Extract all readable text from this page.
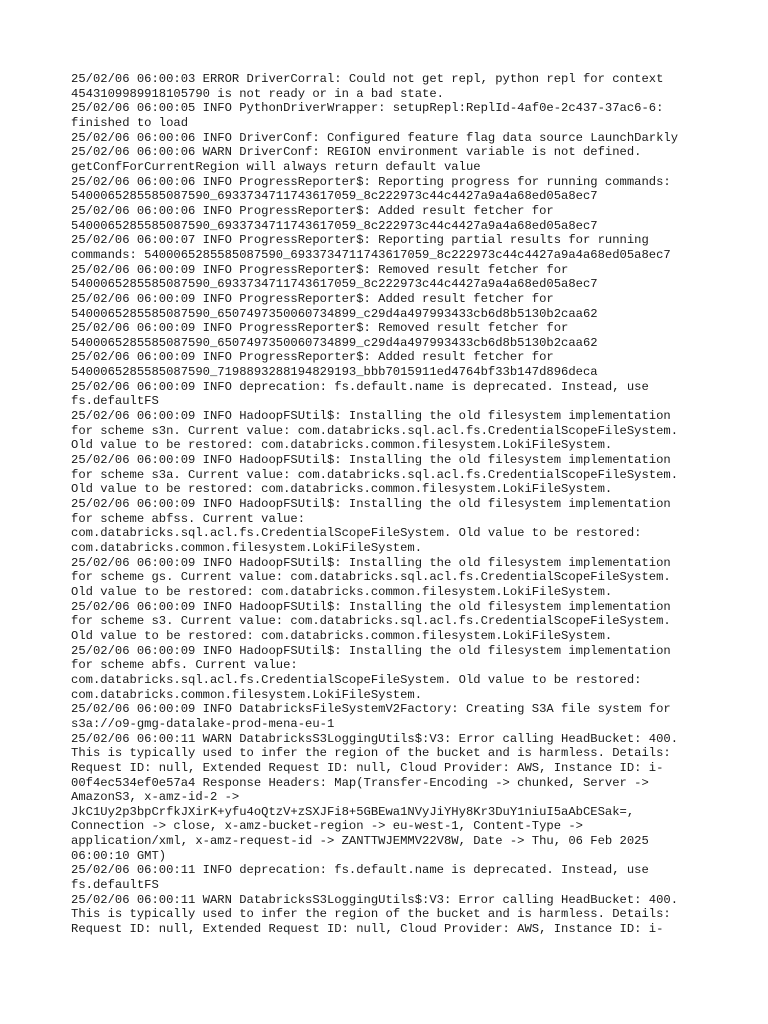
25/02/06 06:00:03 ERROR DriverCorral: Could not get repl, python repl for context

4543109989918105790 is not ready or in a bad state.

25/02/06 06:00:05 INFO PythonDriverWrapper: setupRepl:ReplId-4af0e-2c437-37ac6-6:

finished to load

25/02/06 06:00:06 INFO DriverConf: Configured feature flag data source LaunchDarkly

25/02/06 06:00:06 WARN DriverConf: REGION environment variable is not defined.

getConfForCurrentRegion will always return default value

25/02/06 06:00:06 INFO ProgressReporter$: Reporting progress for running commands:

5400065285585087590_6933734711743617059_8c222973c44c4427a9a4a68ed05a8ec7

25/02/06 06:00:06 INFO ProgressReporter$: Added result fetcher for

5400065285585087590_6933734711743617059_8c222973c44c4427a9a4a68ed05a8ec7

25/02/06 06:00:07 INFO ProgressReporter$: Reporting partial results for running

commands: 5400065285585087590_6933734711743617059_8c222973c44c4427a9a4a68ed05a8ec7

25/02/06 06:00:09 INFO ProgressReporter$: Removed result fetcher for

5400065285585087590_6933734711743617059_8c222973c44c4427a9a4a68ed05a8ec7

25/02/06 06:00:09 INFO ProgressReporter$: Added result fetcher for

5400065285585087590_6507497350060734899_c29d4a497993433cb6d8b5130b2caa62

25/02/06 06:00:09 INFO ProgressReporter$: Removed result fetcher for

5400065285585087590_6507497350060734899_c29d4a497993433cb6d8b5130b2caa62

25/02/06 06:00:09 INFO ProgressReporter$: Added result fetcher for

5400065285585087590_7198893288194829193_bbb7015911ed4764bf33b147d896deca

25/02/06 06:00:09 INFO deprecation: fs.default.name is deprecated. Instead, use

fs.defaultFS

25/02/06 06:00:09 INFO HadoopFSUtil$: Installing the old filesystem implementation

for scheme s3n. Current value: com.databricks.sql.acl.fs.CredentialScopeFileSystem.

Old value to be restored: com.databricks.common.filesystem.LokiFileSystem.

25/02/06 06:00:09 INFO HadoopFSUtil$: Installing the old filesystem implementation

for scheme s3a. Current value: com.databricks.sql.acl.fs.CredentialScopeFileSystem.

Old value to be restored: com.databricks.common.filesystem.LokiFileSystem.

25/02/06 06:00:09 INFO HadoopFSUtil$: Installing the old filesystem implementation

for scheme abfss. Current value:

com.databricks.sql.acl.fs.CredentialScopeFileSystem. Old value to be restored:

com.databricks.common.filesystem.LokiFileSystem.

25/02/06 06:00:09 INFO HadoopFSUtil$: Installing the old filesystem implementation

for scheme gs. Current value: com.databricks.sql.acl.fs.CredentialScopeFileSystem.

Old value to be restored: com.databricks.common.filesystem.LokiFileSystem.

25/02/06 06:00:09 INFO HadoopFSUtil$: Installing the old filesystem implementation

for scheme s3. Current value: com.databricks.sql.acl.fs.CredentialScopeFileSystem.

Old value to be restored: com.databricks.common.filesystem.LokiFileSystem.

25/02/06 06:00:09 INFO HadoopFSUtil$: Installing the old filesystem implementation

for scheme abfs. Current value:

com.databricks.sql.acl.fs.CredentialScopeFileSystem. Old value to be restored:

com.databricks.common.filesystem.LokiFileSystem.

25/02/06 06:00:09 INFO DatabricksFileSystemV2Factory: Creating S3A file system for

s3a://o9-gmg-datalake-prod-mena-eu-1

25/02/06 06:00:11 WARN DatabricksS3LoggingUtils$:V3: Error calling HeadBucket: 400.

This is typically used to infer the region of the bucket and is harmless. Details:

Request ID: null, Extended Request ID: null, Cloud Provider: AWS, Instance ID: i-

00f4ec534ef0e57a4 Response Headers: Map(Transfer-Encoding -> chunked, Server ->

AmazonS3, x-amz-id-2 ->

JkC1Uy2p3bpCrfkJXirK+yfu4oQtzV+zSXJFi8+5GBEwa1NVyJiYHy8Kr3DuY1niuI5aAbCESak=,

Connection -> close, x-amz-bucket-region -> eu-west-1, Content-Type ->

application/xml, x-amz-request-id -> ZANTTWJEMMV22V8W, Date -> Thu, 06 Feb 2025

06:00:10 GMT)

25/02/06 06:00:11 INFO deprecation: fs.default.name is deprecated. Instead, use

fs.defaultFS

25/02/06 06:00:11 WARN DatabricksS3LoggingUtils$:V3: Error calling HeadBucket: 400.

This is typically used to infer the region of the bucket and is harmless. Details:

Request ID: null, Extended Request ID: null, Cloud Provider: AWS, Instance ID: i-
